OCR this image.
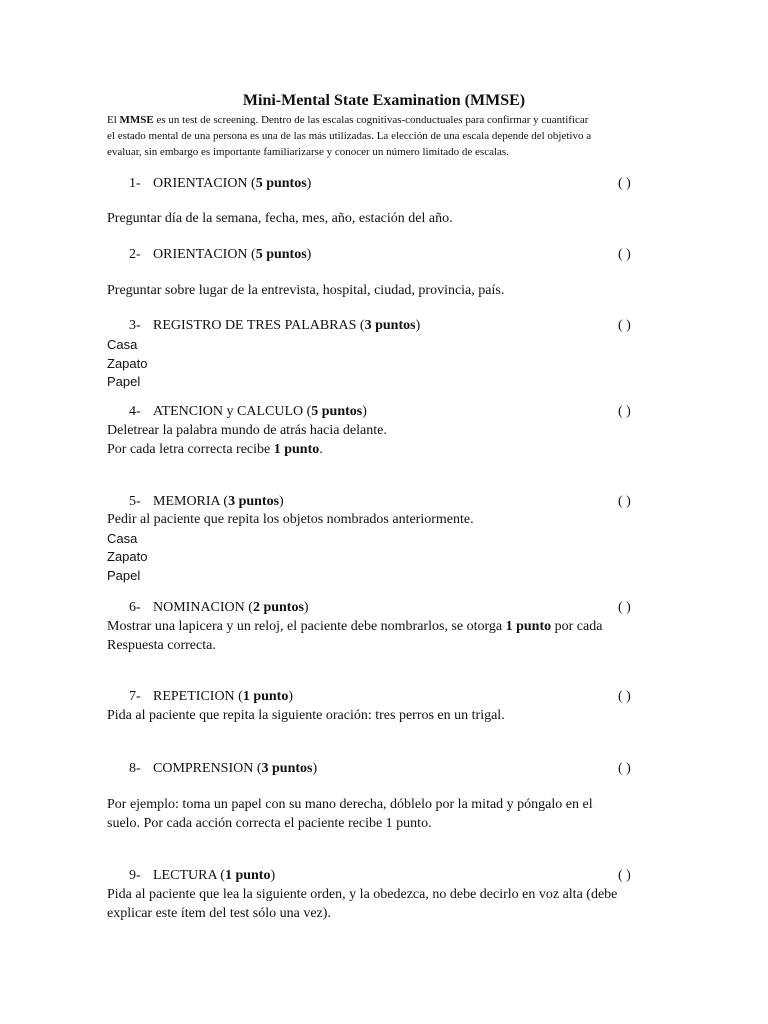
Mini-Mental State Examination (MMSE)
El MMSE es un test de screening. Dentro de las escalas cognitivas-conductuales para confirmar y cuantificar
el estado mental de una persona es una de las más utilizadas. La elección de una escala depende del objetivo a
evaluar, sin embargo es importante familiarizarse y conocer un número limitado de escalas.
1- ORIENTACION (5 puntos)	( )
Preguntar día de la semana, fecha, mes, año, estación del año.
2- ORIENTACION (5 puntos)	( )
Preguntar sobre lugar de la entrevista, hospital, ciudad, provincia, país.
3- REGISTRO DE TRES PALABRAS (3 puntos)	( )
Casa
Zapato
Papel
4- ATENCION y CALCULO (5 puntos)	( )
Deletrear la palabra mundo de atrás hacia delante.
Por cada letra correcta recibe 1 punto.
5- MEMORIA (3 puntos)	( )
Pedir al paciente que repita los objetos nombrados anteriormente.
Casa
Zapato
Papel
6- NOMINACION (2 puntos)	( )
Mostrar una lapicera y un reloj, el paciente debe nombrarlos, se otorga 1 punto por cada
Respuesta correcta.
7- REPETICION (1 punto)	( )
Pida al paciente que repita la siguiente oración: tres perros en un trigal.
8- COMPRENSION (3 puntos)	( )
Por ejemplo: toma un papel con su mano derecha, dóblelo por la mitad y póngalo en el
suelo. Por cada acción correcta el paciente recibe 1 punto.
9- LECTURA (1 punto)	( )
Pida al paciente que lea la siguiente orden, y la obedezca, no debe decirlo en voz alta (debe
explicar este ítem del test sólo una vez).
